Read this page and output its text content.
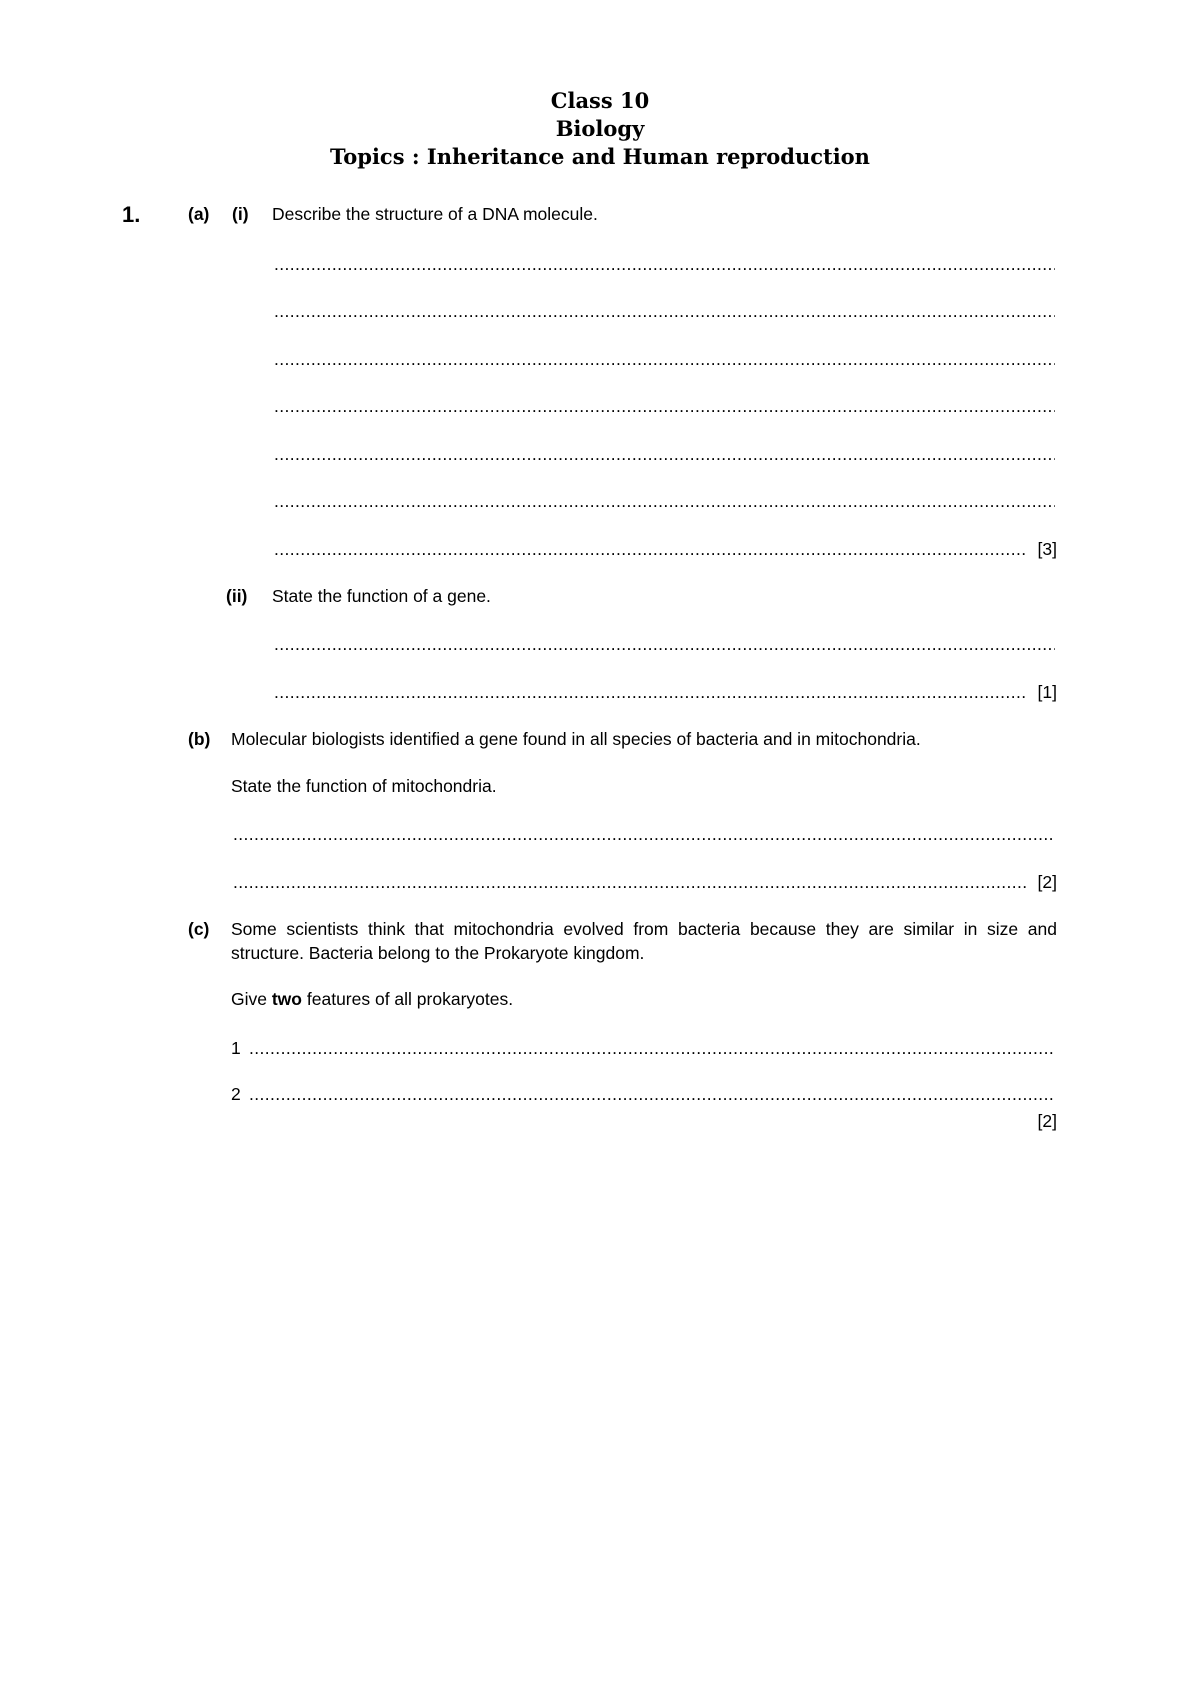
Class 10
Biology
Topics : Inheritance and Human reproduction
1.	(a) (i) Describe the structure of a DNA molecule.
.....
.....
.....
.....
.....
.....
.....
[3]
(ii) State the function of a gene.
.....
.....
[1]
(b) Molecular biologists identified a gene found in all species of bacteria and in mitochondria.
State the function of mitochondria.
.....
.....
[2]
(c) Some scientists think that mitochondria evolved from bacteria because they are similar in size and structure. Bacteria belong to the Prokaryote kingdom.
Give two features of all prokaryotes.
1
.....
2
.....
[2]
